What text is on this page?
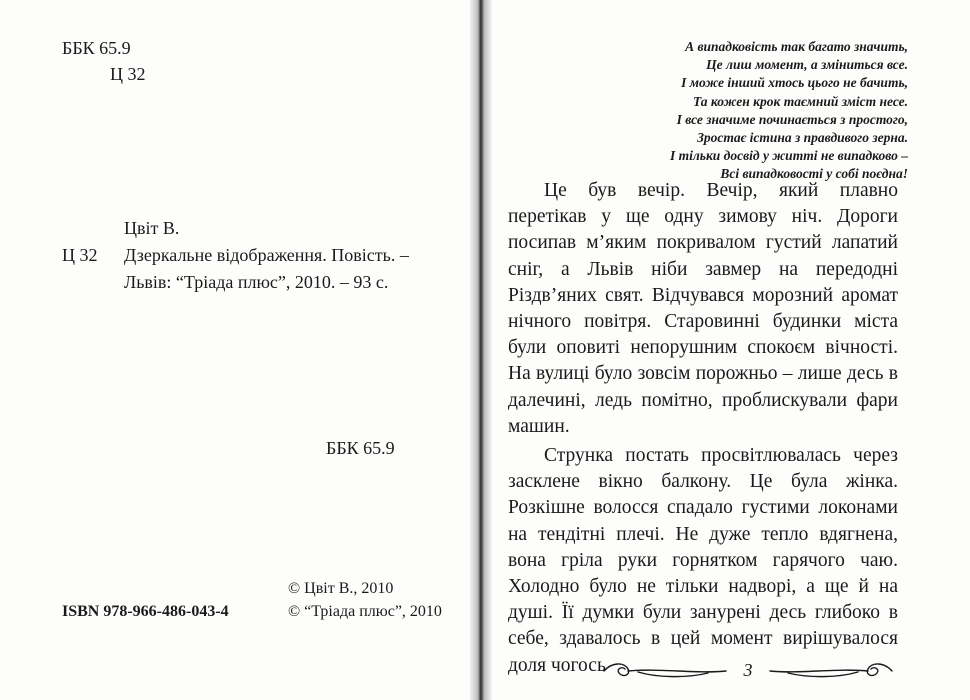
ББК 65.9
Ц 32
Цвіт В.
Ц 32 Дзеркальне відображення. Повість. –
Львів: “Тріада плюс”, 2010. – 93 с.
ББК 65.9
© Цвіт В., 2010
ISBN 978-966-486-043-4	© “Тріада плюс”, 2010
А випадковість так багато значить,
Це лиш момент, а зміниться все.
І може інший хтось цього не бачить,
Та кожен крок таємний зміст несе.
І все значиме починається з простого,
Зростає істина з правдивого зерна.
І тільки досвід у житті не випадково –
Всі випадковості у собі поєдна!

Це був вечір. Вечір, який плавно перетікав у ще одну зимову ніч. Дороги посипав м’яким покривалом густий лапатий сніг, а Львів ніби завмер на передодні Різдв’яних свят. Відчувався морозний аромат нічного повітря. Старовинні будинки міста були оповиті непорушним спокоєм вічності. На вулиці було зовсім порожньо – лише десь в далечині, ледь помітно, проблискували фари машин.

Струнка постать просвітлювалась через засклене вікно балкону. Це була жінка. Розкішне волосся спадало густими локонами на тендітні плечі. Не дуже тепло вдягнена, вона гріла руки горнятком гарячого чаю. Холодно було не тільки надворі, а ще й на душі. Її думки були занурені десь глибоко в себе, здавалось в цей момент вирішувалося доля чогось	3
